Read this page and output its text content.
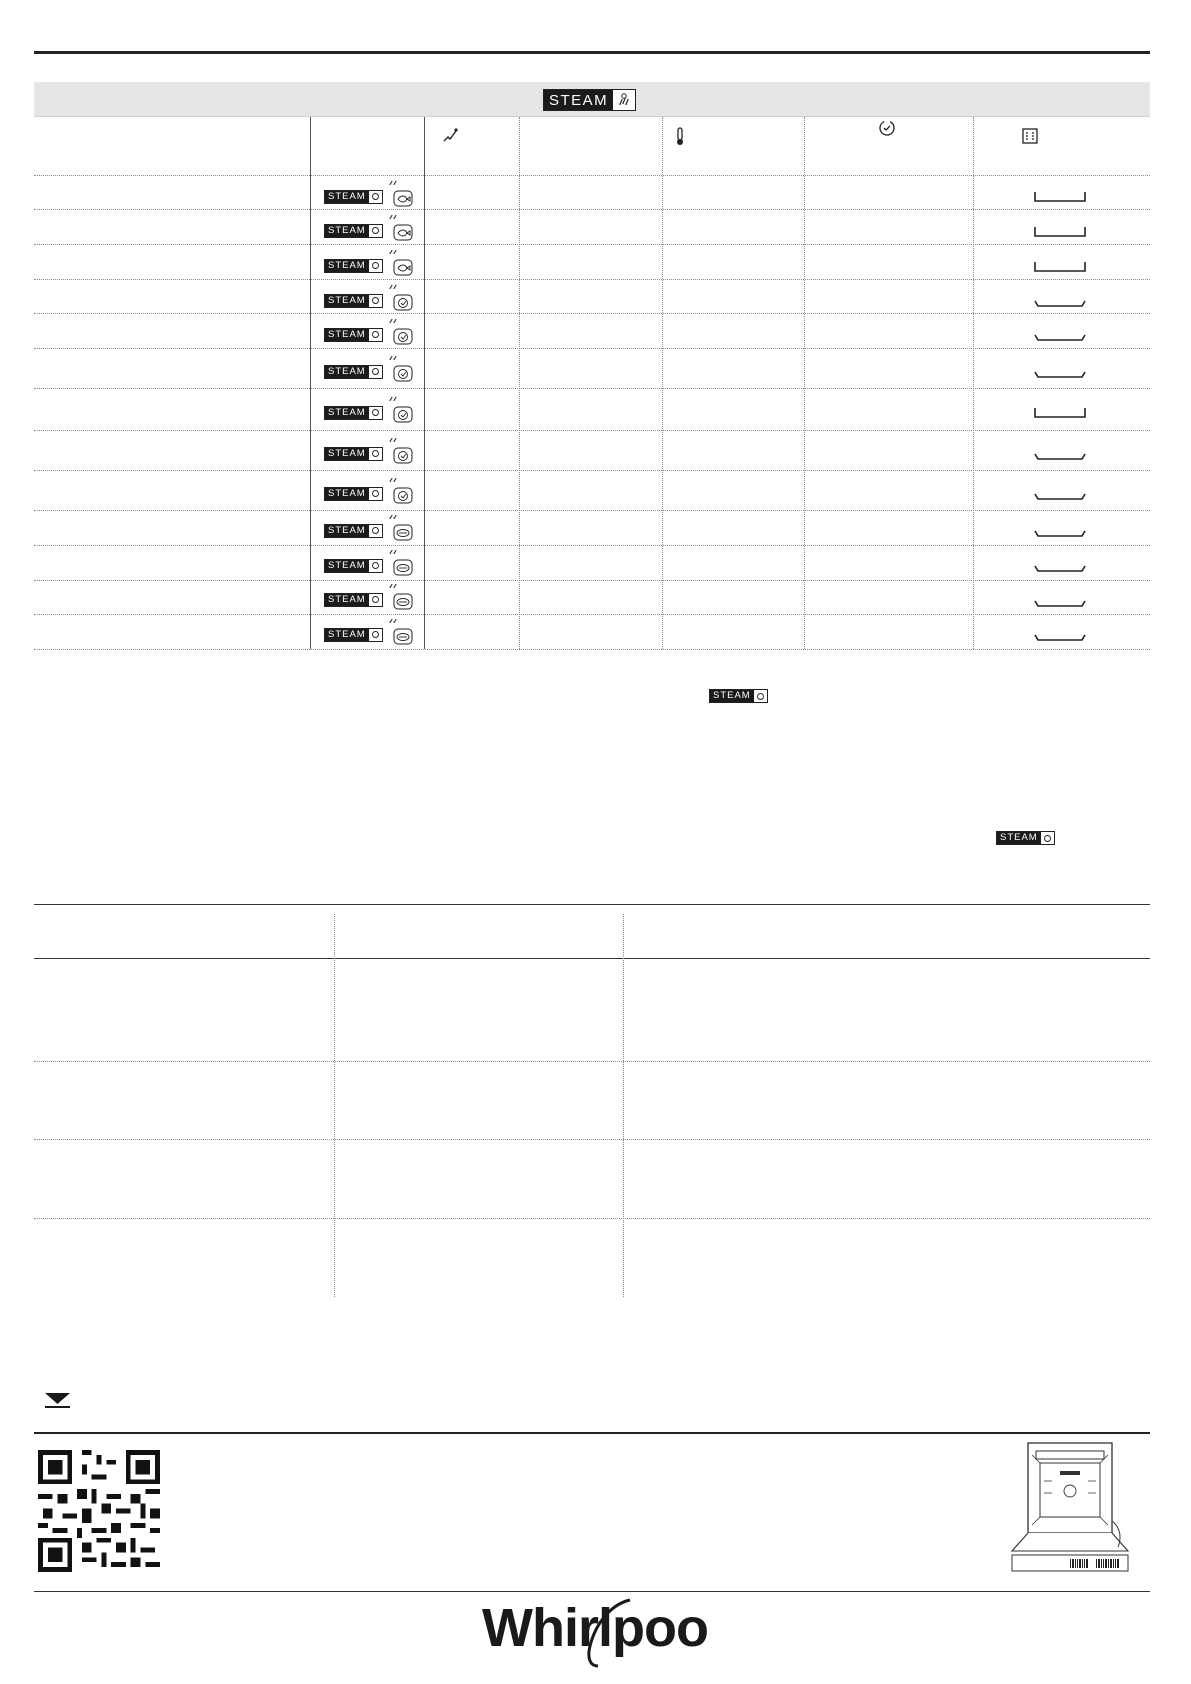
STEAM
STEAM
STEAM
STEAM
STEAM
STEAM
STEAM
STEAM
STEAM
STEAM
STEAM
STEAM
STEAM
STEAM
STEAM
STEAM
Whirlpool
